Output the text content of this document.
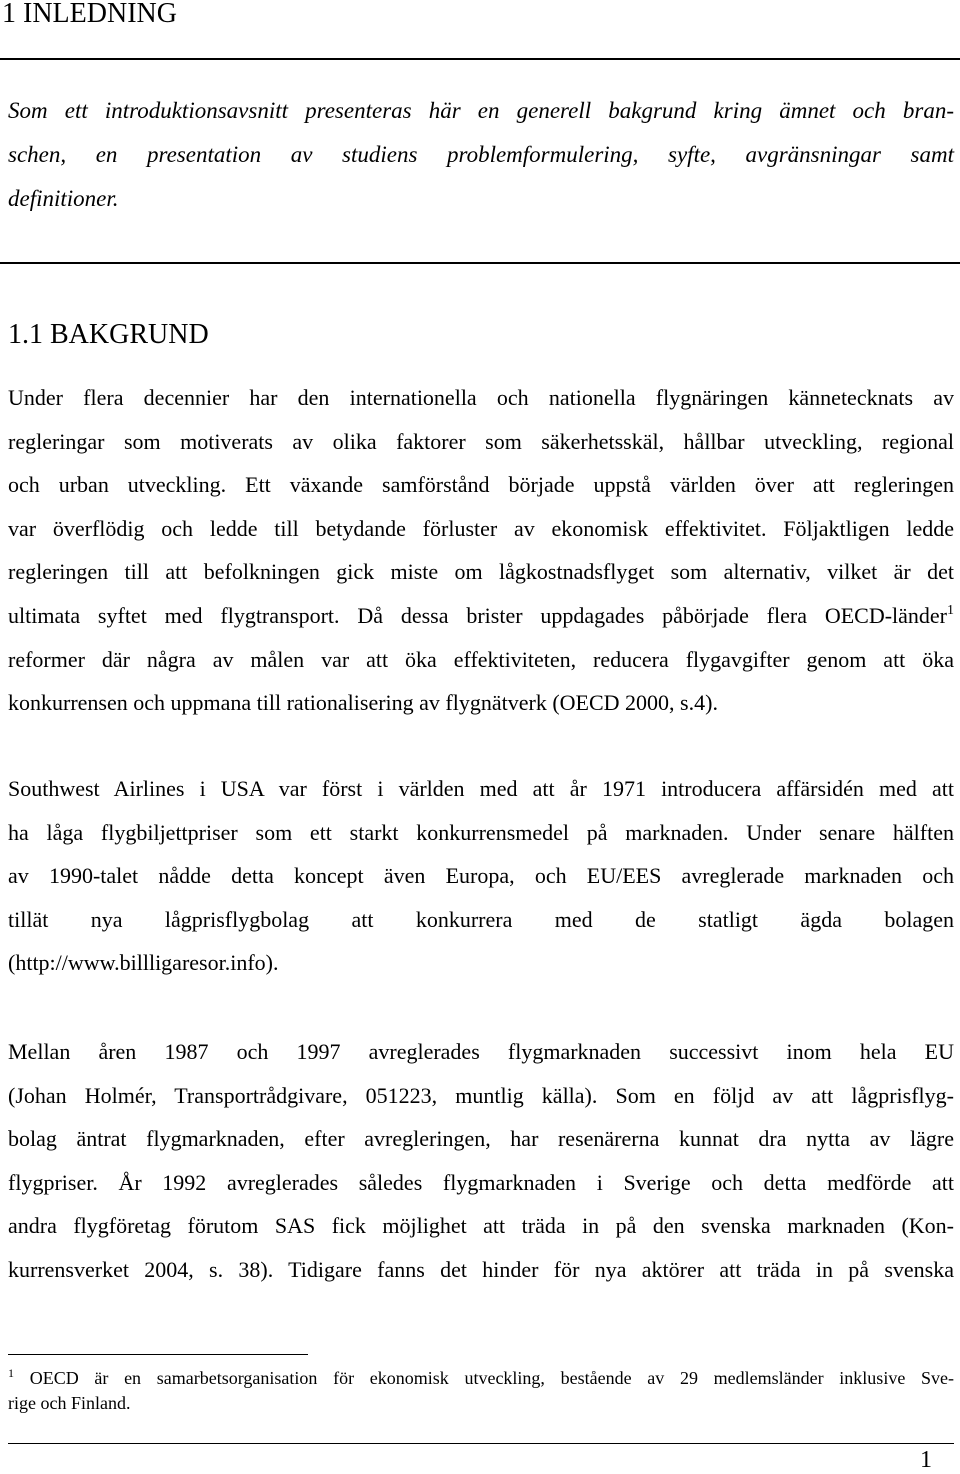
1 INLEDNING
Som ett introduktionsavsnitt presenteras här en generell bakgrund kring ämnet och bran-
schen, en presentation av studiens problemformulering, syfte, avgränsningar samt
definitioner.
1.1 BAKGRUND
Under flera decennier har den internationella och nationella flygnäringen kännetecknats av
regleringar som motiverats av olika faktorer som säkerhetsskäl, hållbar utveckling, regional
och urban utveckling. Ett växande samförstånd började uppstå världen över att regleringen
var överflödig och ledde till betydande förluster av ekonomisk effektivitet. Följaktligen ledde
regleringen till att befolkningen gick miste om lågkostnadsflyget som alternativ, vilket är det
ultimata syftet med flygtransport. Då dessa brister uppdagades påbörjade flera OECD-länder$^1$
reformer där några av målen var att öka effektiviteten, reducera flygavgifter genom att öka
konkurrensen och uppmana till rationalisering av flygnätverk (OECD 2000, s.4).
Southwest Airlines i USA var först i världen med att år 1971 introducera affärsidén med att
ha låga flygbiljettpriser som ett starkt konkurrensmedel på marknaden. Under senare hälften
av 1990-talet nådde detta koncept även Europa, och EU/EES avreglerade marknaden och
tillät nya lågprisflygbolag att konkurrera med de statligt ägda bolagen
(http://www.billligaresor.info).
Mellan åren 1987 och 1997 avreglerades flygmarknaden successivt inom hela EU
(Johan Holmér, Transportrådgivare, 051223, muntlig källa). Som en följd av att lågprisflyg-
bolag äntrat flygmarknaden, efter avregleringen, har resenärerna kunnat dra nytta av lägre
flygpriser. År 1992 avreglerades således flygmarknaden i Sverige och detta medförde att
andra flygföretag förutom SAS fick möjlighet att träda in på den svenska marknaden (Kon-
kurrensverket 2004, s. 38). Tidigare fanns det hinder för nya aktörer att träda in på svenska
$^1$ OECD är en samarbetsorganisation för ekonomisk utveckling, bestående av 29 medlemsländer inklusive Sve-
rige och Finland.
1
